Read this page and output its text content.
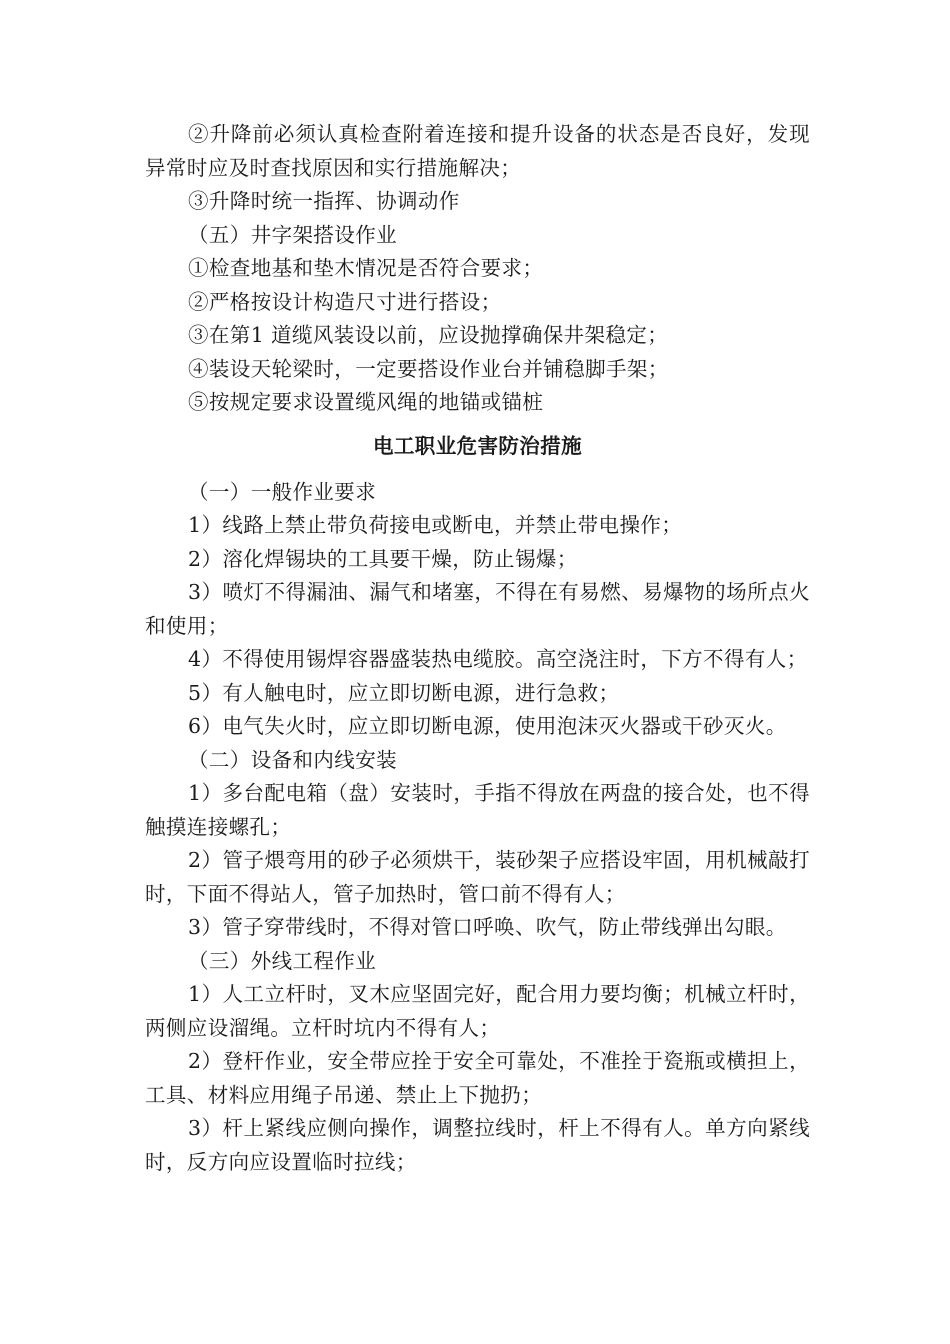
②升降前必须认真检查附着连接和提升设备的状态是否良好，发现异常时应及时查找原因和实行措施解决；

③升降时统一指挥、协调动作

（五）井字架搭设作业

①检查地基和垫木情况是否符合要求；

②严格按设计构造尺寸进行搭设；

③在第1 道缆风装设以前，应设抛撑确保井架稳定；

④装设天轮梁时，一定要搭设作业台并铺稳脚手架；

⑤按规定要求设置缆风绳的地锚或锚桩

电工职业危害防治措施

（一）一般作业要求

1）线路上禁止带负荷接电或断电，并禁止带电操作；

2）溶化焊锡块的工具要干燥，防止锡爆；

3）喷灯不得漏油、漏气和堵塞，不得在有易燃、易爆物的场所点火和使用；

4）不得使用锡焊容器盛装热电缆胶。高空浇注时，下方不得有人；

5）有人触电时，应立即切断电源，进行急救；

6）电气失火时，应立即切断电源，使用泡沫灭火器或干砂灭火。

（二）设备和内线安装

1）多台配电箱（盘）安装时，手指不得放在两盘的接合处，也不得触摸连接螺孔；

2）管子煨弯用的砂子必须烘干，装砂架子应搭设牢固，用机械敲打时，下面不得站人，管子加热时，管口前不得有人；

3）管子穿带线时，不得对管口呼唤、吹气，防止带线弹出勾眼。

（三）外线工程作业

1）人工立杆时，叉木应坚固完好，配合用力要均衡；机械立杆时，两侧应设溜绳。立杆时坑内不得有人；

2）登杆作业，安全带应拴于安全可靠处，不准拴于瓷瓶或横担上，工具、材料应用绳子吊递、禁止上下抛扔；

3）杆上紧线应侧向操作，调整拉线时，杆上不得有人。单方向紧线时，反方向应设置临时拉线；
